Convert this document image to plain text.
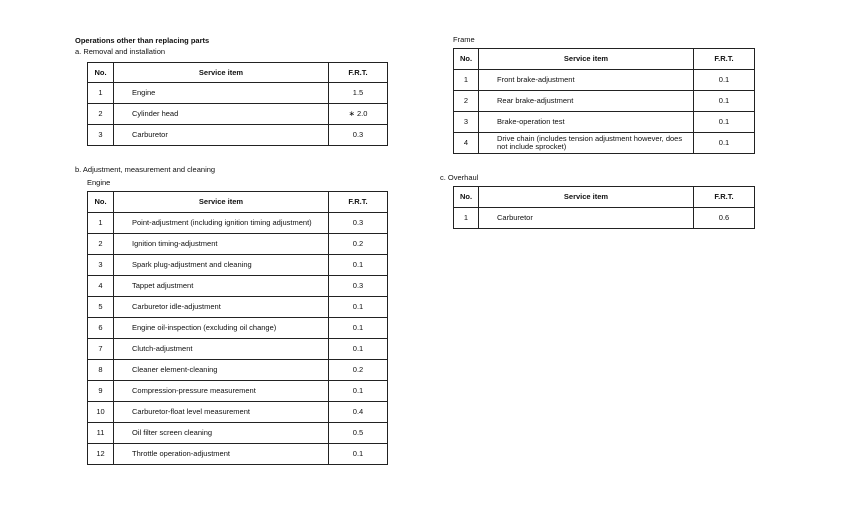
Operations other than replacing parts
a. Removal and installation
No.	Service item	F.R.T.
1	Engine	1.5
2	Cylinder head	∗ 2.0
3	Carburetor	0.3
b. Adjustment, measurement and cleaning
Engine
No.	Service item	F.R.T.
1	Point-adjustment (including ignition timing adjustment)	0.3
2	Ignition timing-adjustment	0.2
3	Spark plug-adjustment and cleaning	0.1
4	Tappet adjustment	0.3
5	Carburetor idle-adjustment	0.1
6	Engine oil-inspection (excluding oil change)	0.1
7	Clutch-adjustment	0.1
8	Cleaner element-cleaning	0.2
9	Compression-pressure measurement	0.1
10	Carburetor-float level measurement	0.4
11	Oil filter screen cleaning	0.5
12	Throttle operation-adjustment	0.1
Frame
No.	Service item	F.R.T.
1	Front brake-adjustment	0.1
2	Rear brake-adjustment	0.1
3	Brake-operation test	0.1
4	Drive chain (includes tension adjustment however, does not include sprocket)	0.1
c. Overhaul
No.	Service item	F.R.T.
1	Carburetor	0.6
